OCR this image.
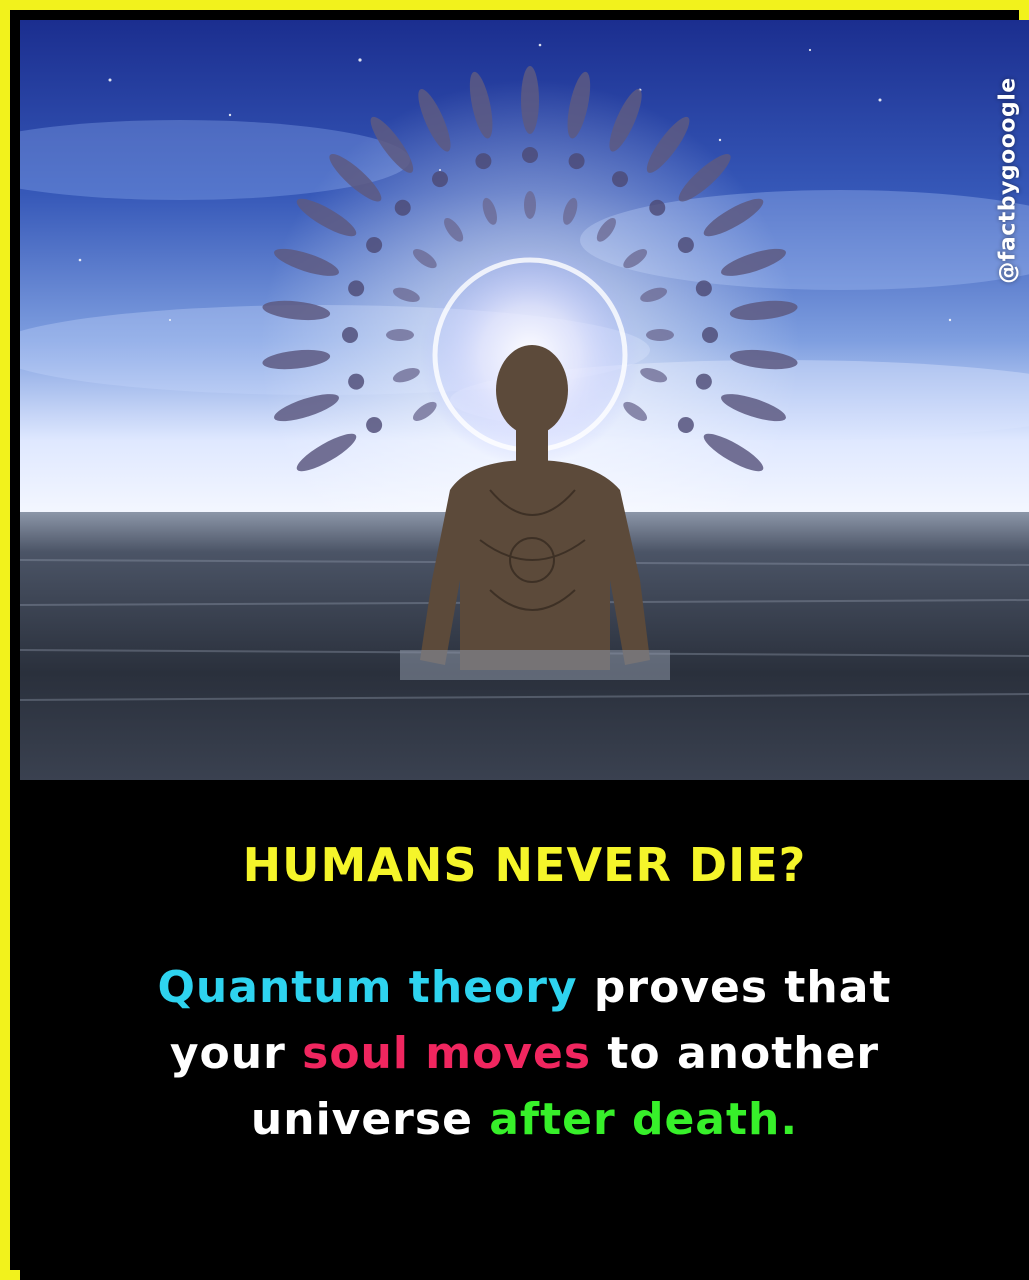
@factbygooogle
HUMANS NEVER DIE?
Quantum theory proves that
your soul moves to another
universe after death.
